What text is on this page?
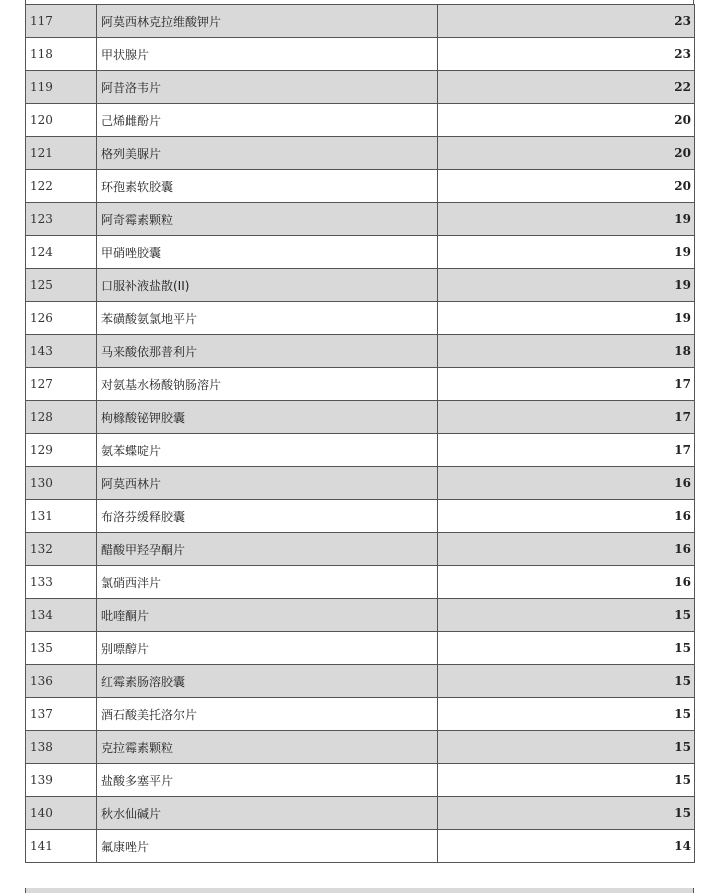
117	阿莫西林克拉维酸钾片	23
118	甲状腺片	23
119	阿昔洛韦片	22
120	己烯雌酚片	20
121	格列美脲片	20
122	环孢素软胶囊	20
123	阿奇霉素颗粒	19
124	甲硝唑胶囊	19
125	口服补液盐散(II)	19
126	苯磺酸氨氯地平片	19
143	马来酸依那普利片	18
127	对氨基水杨酸钠肠溶片	17
128	枸橼酸铋钾胶囊	17
129	氨苯蝶啶片	17
130	阿莫西林片	16
131	布洛芬缓释胶囊	16
132	醋酸甲羟孕酮片	16
133	氯硝西泮片	16
134	吡喹酮片	15
135	别嘌醇片	15
136	红霉素肠溶胶囊	15
137	酒石酸美托洛尔片	15
138	克拉霉素颗粒	15
139	盐酸多塞平片	15
140	秋水仙碱片	15
141	氟康唑片	14
